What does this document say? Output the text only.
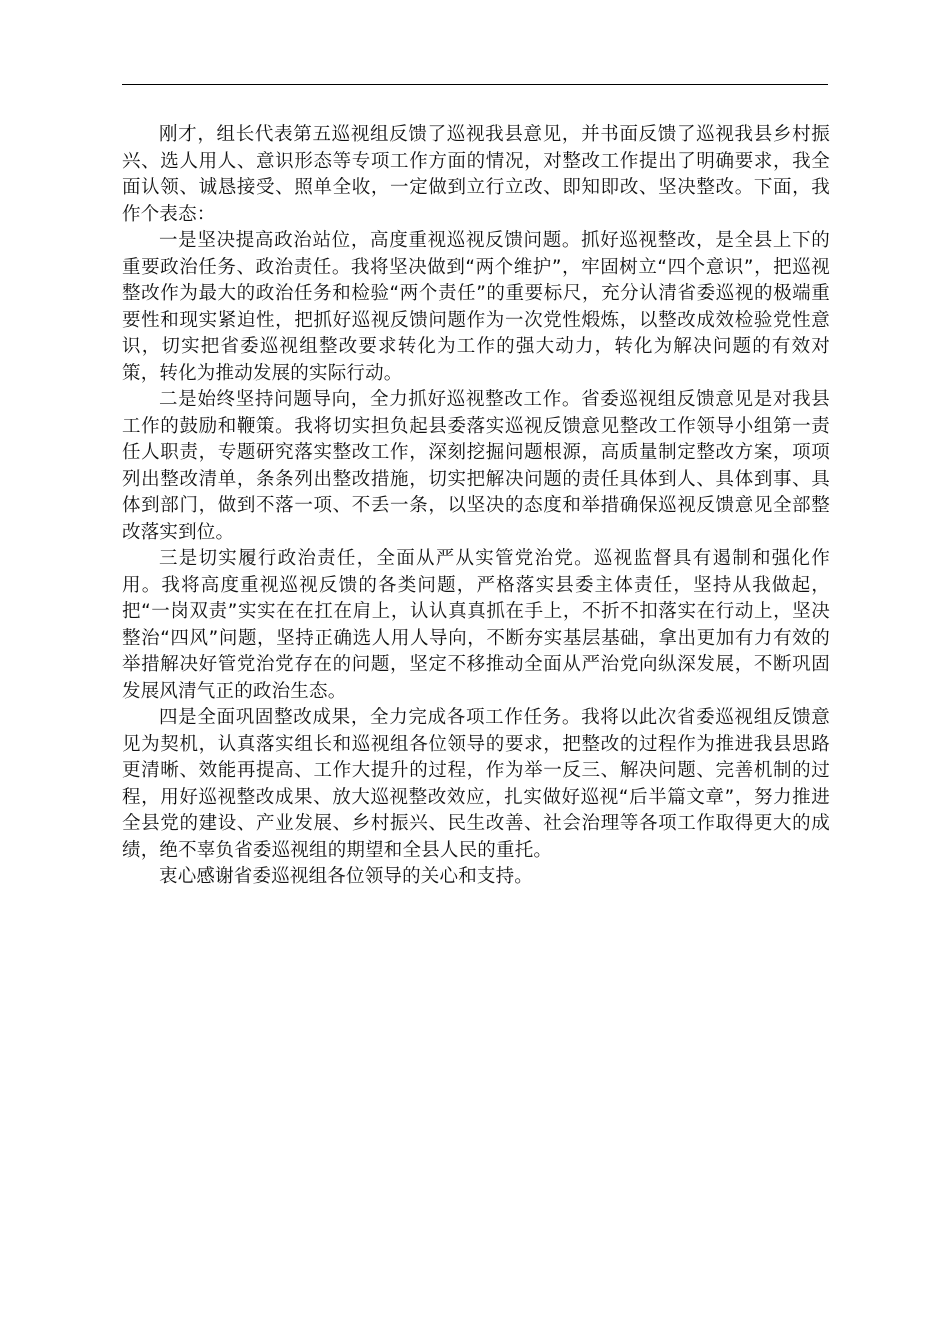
刚才，组长代表第五巡视组反馈了巡视我县意见，并书面反馈了巡视我县乡村振兴、选人用人、意识形态等专项工作方面的情况，对整改工作提出了明确要求，我全面认领、诚恳接受、照单全收，一定做到立行立改、即知即改、坚决整改。下面，我作个表态：

一是坚决提高政治站位，高度重视巡视反馈问题。抓好巡视整改，是全县上下的重要政治任务、政治责任。我将坚决做到“两个维护”，牢固树立“四个意识”，把巡视整改作为最大的政治任务和检验“两个责任”的重要标尺，充分认清省委巡视的极端重要性和现实紧迫性，把抓好巡视反馈问题作为一次党性煅炼，以整改成效检验党性意识，切实把省委巡视组整改要求转化为工作的强大动力，转化为解决问题的有效对策，转化为推动发展的实际行动。

二是始终坚持问题导向，全力抓好巡视整改工作。省委巡视组反馈意见是对我县工作的鼓励和鞭策。我将切实担负起县委落实巡视反馈意见整改工作领导小组第一责任人职责，专题研究落实整改工作，深刻挖掘问题根源，高质量制定整改方案，项项列出整改清单，条条列出整改措施，切实把解决问题的责任具体到人、具体到事、具体到部门，做到不落一项、不丢一条，以坚决的态度和举措确保巡视反馈意见全部整改落实到位。

三是切实履行政治责任，全面从严从实管党治党。巡视监督具有遏制和强化作用。我将高度重视巡视反馈的各类问题，严格落实县委主体责任，坚持从我做起，把“一岗双责”实实在在扛在肩上，认认真真抓在手上，不折不扣落实在行动上，坚决整治“四风”问题，坚持正确选人用人导向，不断夯实基层基础，拿出更加有力有效的举措解决好管党治党存在的问题，坚定不移推动全面从严治党向纵深发展，不断巩固发展风清气正的政治生态。

四是全面巩固整改成果，全力完成各项工作任务。我将以此次省委巡视组反馈意见为契机，认真落实组长和巡视组各位领导的要求，把整改的过程作为推进我县思路更清晰、效能再提高、工作大提升的过程，作为举一反三、解决问题、完善机制的过程，用好巡视整改成果、放大巡视整改效应，扎实做好巡视“后半篇文章”，努力推进全县党的建设、产业发展、乡村振兴、民生改善、社会治理等各项工作取得更大的成绩，绝不辜负省委巡视组的期望和全县人民的重托。

衷心感谢省委巡视组各位领导的关心和支持。
